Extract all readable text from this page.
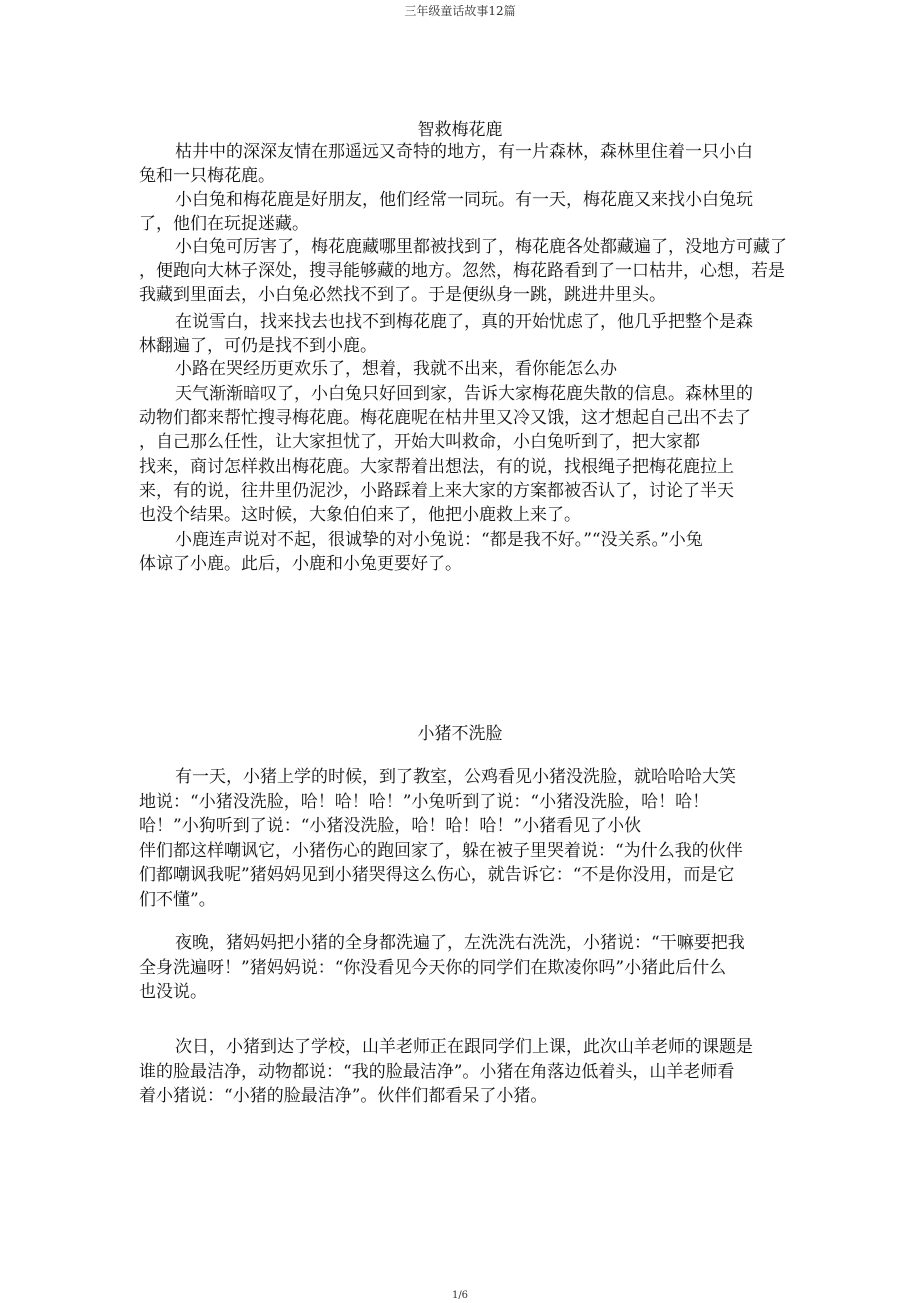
三年级童话故事12篇
智救梅花鹿
枯井中的深深友情在那遥远又奇特的地方，有一片森林，森林里住着一只小白
兔和一只梅花鹿。
小白兔和梅花鹿是好朋友，他们经常一同玩。有一天，梅花鹿又来找小白兔玩
了，他们在玩捉迷藏。
小白兔可厉害了，梅花鹿藏哪里都被找到了，梅花鹿各处都藏遍了，没地方可藏了
，便跑向大林子深处，搜寻能够藏的地方。忽然，梅花路看到了一口枯井，心想，若是
我藏到里面去，小白兔必然找不到了。于是便纵身一跳，跳进井里头。
在说雪白，找来找去也找不到梅花鹿了，真的开始忧虑了，他几乎把整个是森
林翻遍了，可仍是找不到小鹿。
小路在哭经历更欢乐了，想着，我就不出来，看你能怎么办
天气渐渐暗叹了，小白兔只好回到家，告诉大家梅花鹿失散的信息。森林里的
动物们都来帮忙搜寻梅花鹿。梅花鹿呢在枯井里又冷又饿，这才想起自己出不去了
，自己那么任性，让大家担忧了，开始大叫救命，小白兔听到了，把大家都
找来，商讨怎样救出梅花鹿。大家帮着出想法，有的说，找根绳子把梅花鹿拉上
来，有的说，往井里仍泥沙，小路踩着上来大家的方案都被否认了，讨论了半天
也没个结果。这时候，大象伯伯来了，他把小鹿救上来了。
小鹿连声说对不起，很诚挚的对小兔说：“都是我不好。”“没关系。”小兔
体谅了小鹿。此后，小鹿和小兔更要好了。
小猪不洗脸
有一天，小猪上学的时候，到了教室，公鸡看见小猪没洗脸，就哈哈哈大笑
地说：“小猪没洗脸，哈！哈！哈！”小兔听到了说：“小猪没洗脸，哈！哈！
哈！”小狗听到了说：“小猪没洗脸，哈！哈！哈！”小猪看见了小伙
伴们都这样嘲讽它，小猪伤心的跑回家了，躲在被子里哭着说：“为什么我的伙伴
们都嘲讽我呢”猪妈妈见到小猪哭得这么伤心，就告诉它：“不是你没用，而是它
们不懂”。
夜晚，猪妈妈把小猪的全身都洗遍了，左洗洗右洗洗，小猪说：“干嘛要把我
全身洗遍呀！”猪妈妈说：“你没看见今天你的同学们在欺凌你吗”小猪此后什么
也没说。
次日，小猪到达了学校，山羊老师正在跟同学们上课，此次山羊老师的课题是
谁的脸最洁净，动物都说：“我的脸最洁净”。小猪在角落边低着头，山羊老师看
着小猪说：“小猪的脸最洁净”。伙伴们都看呆了小猪。
1/6
